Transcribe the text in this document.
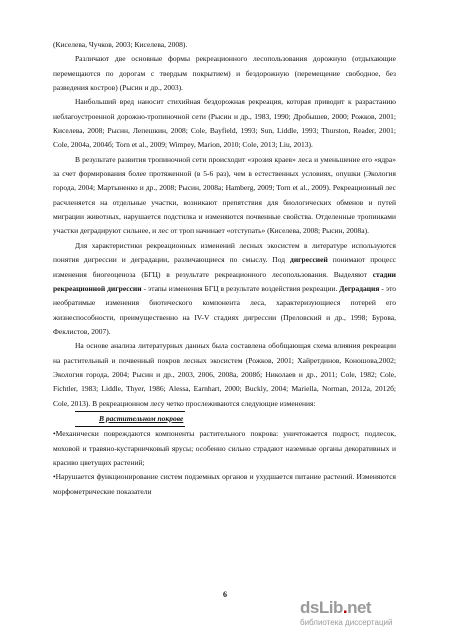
(Киселева, Чучков, 2003; Киселева, 2008).

Различают две основные формы рекреационного лесопользования дорожную (отдыхающие перемещаются по дорогам с твердым покрытием) и бездорожную (перемещение свободное, без разведения костров) (Рысин и др., 2003).

Наибольший вред наносит стихийная бездорожная рекреация, которая приводит к разрастанию неблагоустроенной дорожно-тропиночной сети (Рысин и др., 1983, 1990; Дробышев, 2000; Рожков, 2001; Киселева, 2008; Рысин, Лепешкин, 2008; Cole, Bayfield, 1993; Sun, Liddle, 1993; Thurston, Reader, 2001; Cole, 2004a, 2004б; Torn et al., 2009; Wimpey, Marion, 2010; Cole, 2013; Liu, 2013).

В результате развития тропиночной сети происходит «эрозия краев» леса и уменьшение его «ядра» за счет формирования более протяженной (в 5-6 раз), чем в естественных условиях, опушки (Экология города, 2004; Мартыненко и др., 2008; Рысин, 2008а; Hamberg, 2009; Torn et al., 2009). Рекреационный лес расчленяется на отдельные участки, возникают препятствия для биологических обменов и путей миграции животных, нарушается подстилка и изменяются почвенные свойства. Отделенные тропинками участки деградируют сильнее, и лес от троп начинает «отступать» (Киселева, 2008; Рысин, 2008а).

Для характеристики рекреационных изменений лесных экосистем в литературе используются понятия дигрессии и деградации, различающиеся по смыслу. Под дигрессией понимают процесс изменения биогеоценоза (БГЦ) в результате рекреационного лесопользования. Выделяют стадии рекреационной дигрессии - этапы изменения БГЦ в результате воздействия рекреации. Деградация - это необратимые изменения биотического компонента леса, характеризующиеся потерей его жизнеспособности, преимущественно на IV-V стадиях дигрессии (Преловский и др., 1998; Бурова, Феклистов, 2007).

На основе анализа литературных данных была составлена обобщающая схема влияния рекреации на растительный и почвенный покров лесных экосистем (Рожков, 2001; Хайретдинов, Коношова,2002; Экология города, 2004; Рысин и др., 2003, 2006, 2008а, 2008б; Николаев и др., 2011; Cole, 1982; Cole, Fichtler, 1983; Liddle, Thyer, 1986; Alessa, Earnhart, 2000; Buckly, 2004; Mariella, Norman, 2012а, 2012б; Cole, 2013). В рекреационном лесу четко прослеживаются следующие изменения:

В растительном покрове

•Механически повреждаются компоненты растительного покрова: уничтожается подрост, подлесок, моховой и травяно-кустарничковый ярусы; особенно сильно страдают наземные органы декоративных и красиво цветущих растений;

•Нарушается функционирование систем подземных органов и ухудшается питание растений. Изменяются морфометрические показатели

6
dsLib.net
библиотека диссертаций
